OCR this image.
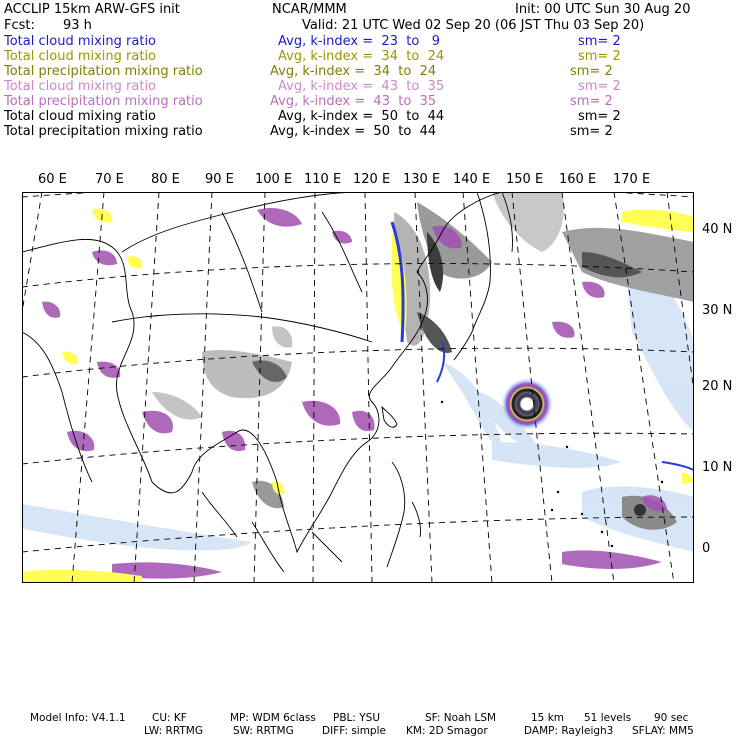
ACCLIP 15km ARW-GFS init	NCAR/MMM	Init: 00 UTC Sun 30 Aug 20
Fcst: 93 h	Valid: 21 UTC Wed 02 Sep 20 (06 JST Thu 03 Sep 20)
Total cloud mixing ratio	Avg, k-index = 23 to 9	sm= 2
Total cloud mixing ratio	Avg, k-index = 34 to 24	sm= 2
Total precipitation mixing ratio	Avg, k-index = 34 to 24	sm= 2
Total cloud mixing ratio	Avg, k-index = 43 to 35	sm= 2
Total precipitation mixing ratio	Avg, k-index = 43 to 35	sm= 2
Total cloud mixing ratio	Avg, k-index = 50 to 44	sm= 2
Total precipitation mixing ratio	Avg, k-index = 50 to 44	sm= 2
60 E 70 E 80 E 90 E 100 E 110 E 120 E 130 E 140 E 150 E 160 E 170 E
40 N
30 N
20 N
10 N
0
Model Info: V4.1.1	CU: KF	MP: WDM 6class PBL: YSU	SF: Noah LSM	15 km 51 levels 90 sec
LW: RRTMG	SW: RRTMG	DIFF: simple KM: 2D Smagor	DAMP: Rayleigh3 SFLAY: MM5
